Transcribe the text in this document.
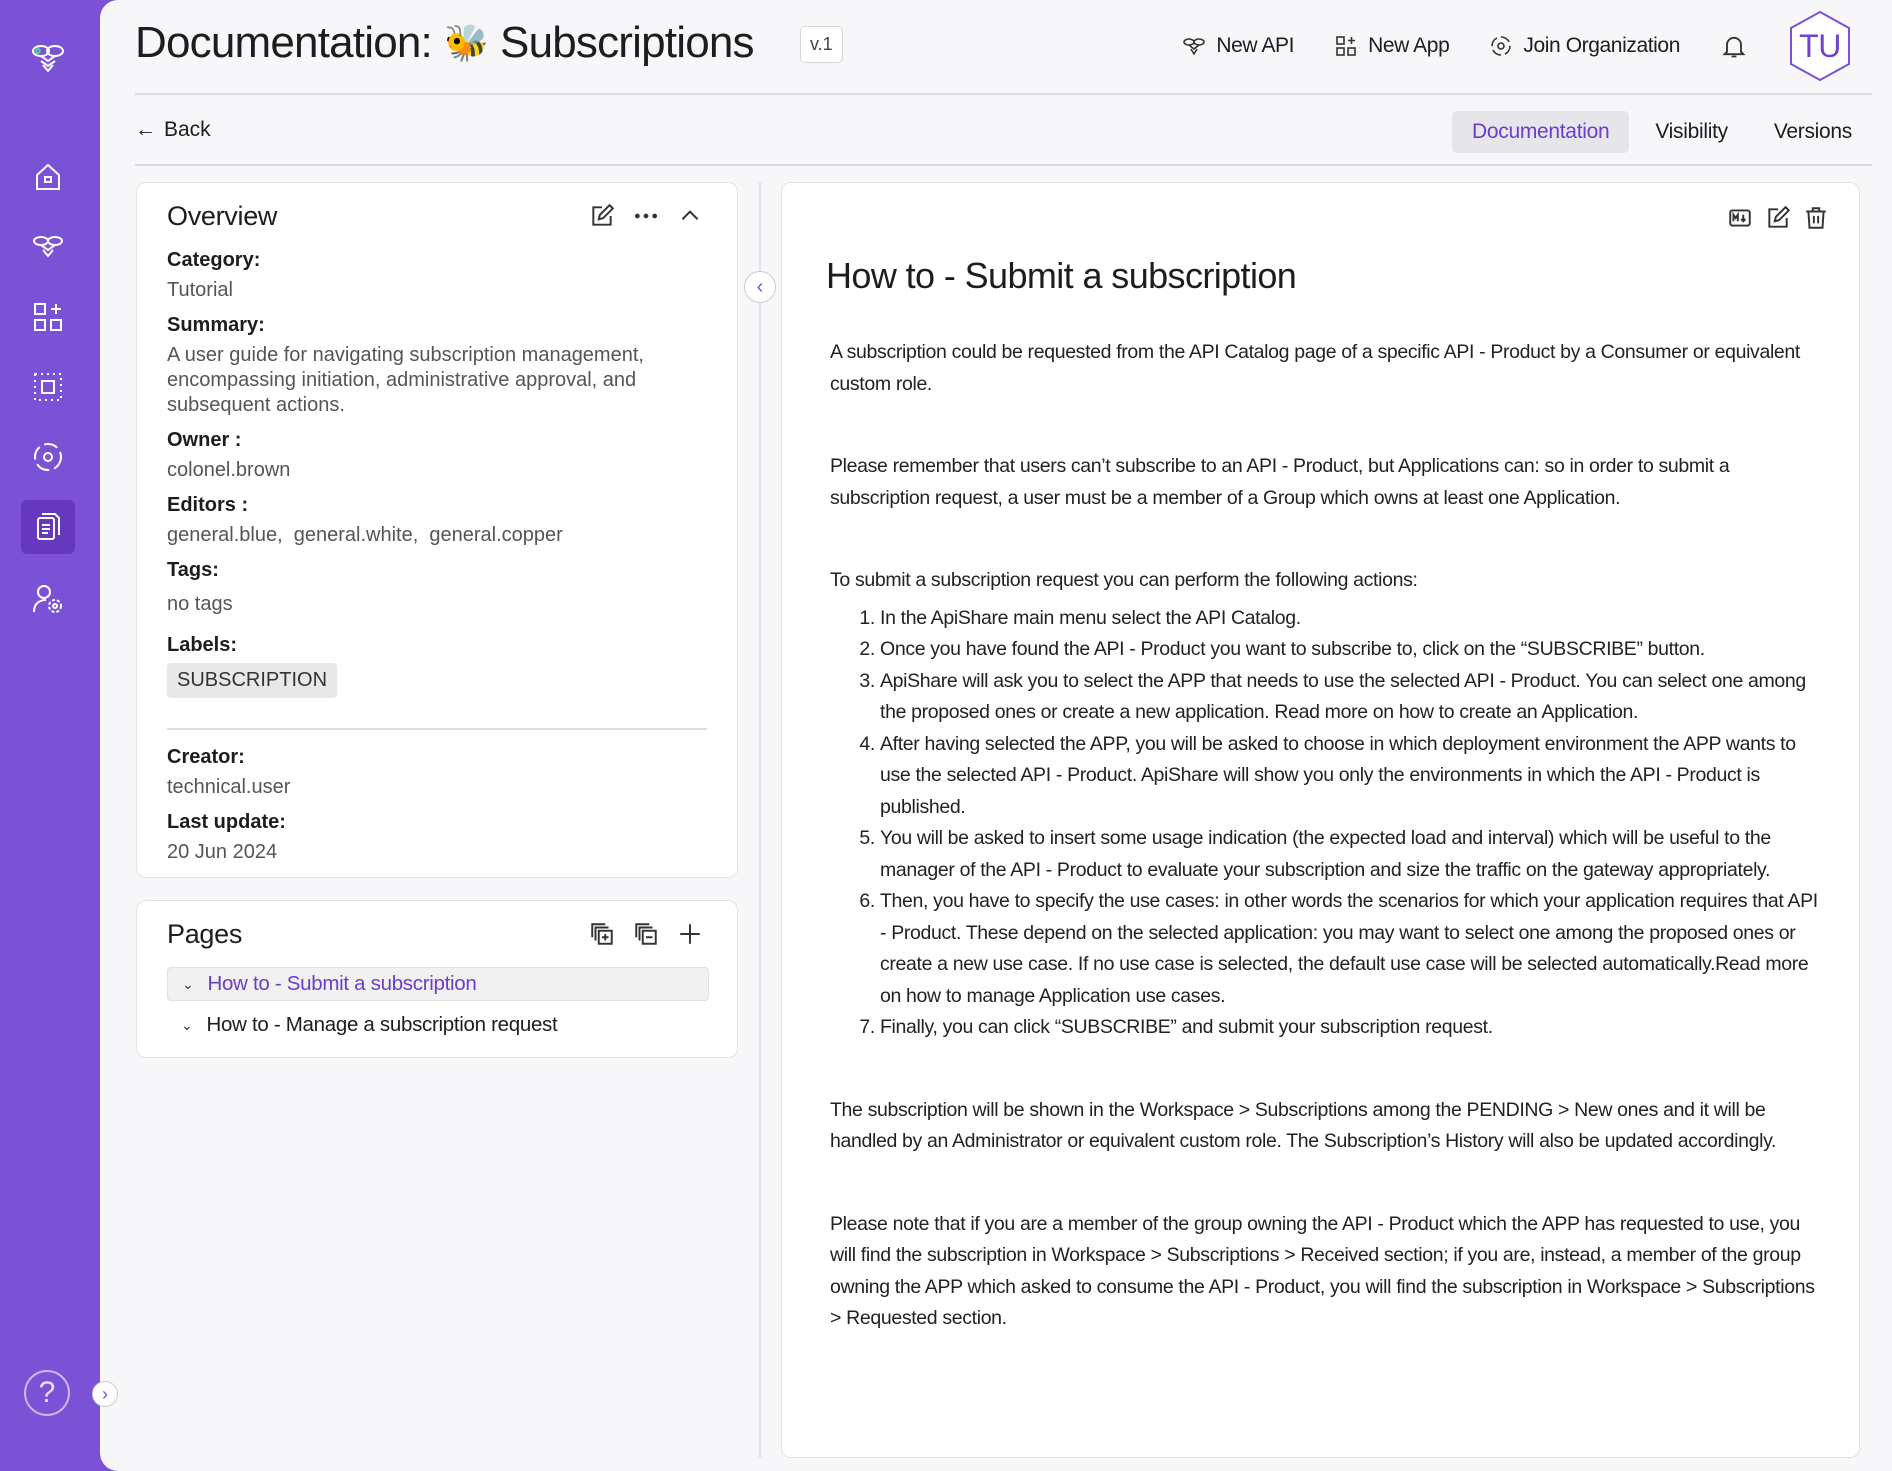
?	›
Documentation: 🐝 Subscriptions	v.1	New API	New App	Join Organization	TU
← Back	Documentation	Visibility	Versions
Overview
Category:
Tutorial
Summary:
A user guide for navigating subscription management, encompassing initiation, administrative approval, and subsequent actions.
Owner :
colonel.brown
Editors :
general.blue,  general.white,  general.copper
Tags:
no tags
Labels:
SUBSCRIPTION
Creator:
technical.user
Last update:
20 Jun 2024
Pages
⌄ How to - Submit a subscription
⌄ How to - Manage a subscription request
‹	How to - Submit a subscription

A subscription could be requested from the API Catalog page of a specific API - Product by a Consumer or equivalent custom role.

Please remember that users can’t subscribe to an API - Product, but Applications can: so in order to submit a subscription request, a user must be a member of a Group which owns at least one Application.

To submit a subscription request you can perform the following actions:

1. In the ApiShare main menu select the API Catalog.
2. Once you have found the API - Product you want to subscribe to, click on the “SUBSCRIBE” button.
3. ApiShare will ask you to select the APP that needs to use the selected API - Product. You can select one among the proposed ones or create a new application. Read more on how to create an Application.
4. After having selected the APP, you will be asked to choose in which deployment environment the APP wants to use the selected API - Product. ApiShare will show you only the environments in which the API - Product is published.
5. You will be asked to insert some usage indication (the expected load and interval) which will be useful to the manager of the API - Product to evaluate your subscription and size the traffic on the gateway appropriately.
6. Then, you have to specify the use cases: in other words the scenarios for which your application requires that API - Product. These depend on the selected application: you may want to select one among the proposed ones or create a new use case. If no use case is selected, the default use case will be selected automatically.Read more on how to manage Application use cases.
7. Finally, you can click “SUBSCRIBE” and submit your subscription request.

The subscription will be shown in the Workspace > Subscriptions among the PENDING > New ones and it will be handled by an Administrator or equivalent custom role. The Subscription’s History will also be updated accordingly.

Please note that if you are a member of the group owning the API - Product which the APP has requested to use, you will find the subscription in Workspace > Subscriptions > Received section; if you are, instead, a member of the group owning the APP which asked to consume the API - Product, you will find the subscription in Workspace > Subscriptions > Requested section.
